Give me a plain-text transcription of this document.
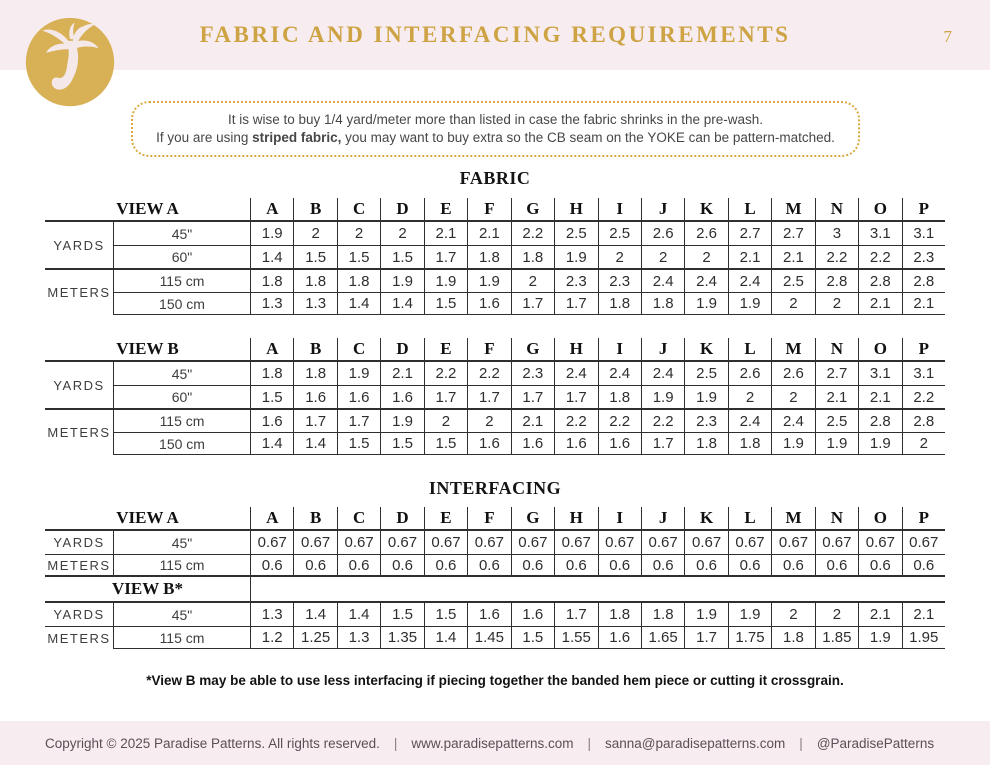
FABRIC AND INTERFACING REQUIREMENTS	7

It is wise to buy 1/4 yard/meter more than listed in case the fabric shrinks in the pre-wash.

If you are using striped fabric, you may want to buy extra so the CB seam on the YOKE can be pattern-matched.

FABRIC
VIEW A	A	B	C	D	E	F	G	H	I	J	K	L	M	N	O	P
YARDS
45"	1.9	2	2	2	2.1	2.1	2.2	2.5	2.5	2.6	2.6	2.7	2.7	3	3.1	3.1
60"	1.4	1.5	1.5	1.5	1.7	1.8	1.8	1.9	2	2	2	2.1	2.1	2.2	2.2	2.3
METERS
115 cm	1.8	1.8	1.8	1.9	1.9	1.9	2	2.3	2.3	2.4	2.4	2.4	2.5	2.8	2.8	2.8
150 cm	1.3	1.3	1.4	1.4	1.5	1.6	1.7	1.7	1.8	1.8	1.9	1.9	2	2	2.1	2.1
VIEW B	A	B	C	D	E	F	G	H	I	J	K	L	M	N	O	P
YARDS
45"	1.8	1.8	1.9	2.1	2.2	2.2	2.3	2.4	2.4	2.4	2.5	2.6	2.6	2.7	3.1	3.1
60"	1.5	1.6	1.6	1.6	1.7	1.7	1.7	1.7	1.8	1.9	1.9	2	2	2.1	2.1	2.2
METERS
115 cm	1.6	1.7	1.7	1.9	2	2	2.1	2.2	2.2	2.2	2.3	2.4	2.4	2.5	2.8	2.8
150 cm	1.4	1.4	1.5	1.5	1.5	1.6	1.6	1.6	1.6	1.7	1.8	1.8	1.9	1.9	1.9	2
INTERFACING
VIEW A	A	B	C	D	E	F	G	H	I	J	K	L	M	N	O	P
YARDS	45"	0.67 0.67 0.67 0.67 0.67 0.67 0.67 0.67 0.67 0.67 0.67 0.67 0.67 0.67 0.67 0.67
METERS	115 cm	0.6	0.6	0.6	0.6	0.6	0.6	0.6	0.6	0.6	0.6	0.6	0.6	0.6	0.6	0.6	0.6
VIEW B*
YARDS	45"	1.3	1.4	1.4	1.5	1.5	1.6	1.6	1.7	1.8	1.8	1.9	1.9	2	2	2.1	2.1
METERS	115 cm	1.2	1.25	1.3	1.35	1.4	1.45	1.5	1.55	1.6	1.65	1.7	1.75	1.8	1.85	1.9	1.95

*View B may be able to use less interfacing if piecing together the banded hem piece or cutting it crossgrain.

Copyright © 2025 Paradise Patterns. All rights reserved.	|	www.paradisepatterns.com	|	sanna@paradisepatterns.com	|	@ParadisePatterns
